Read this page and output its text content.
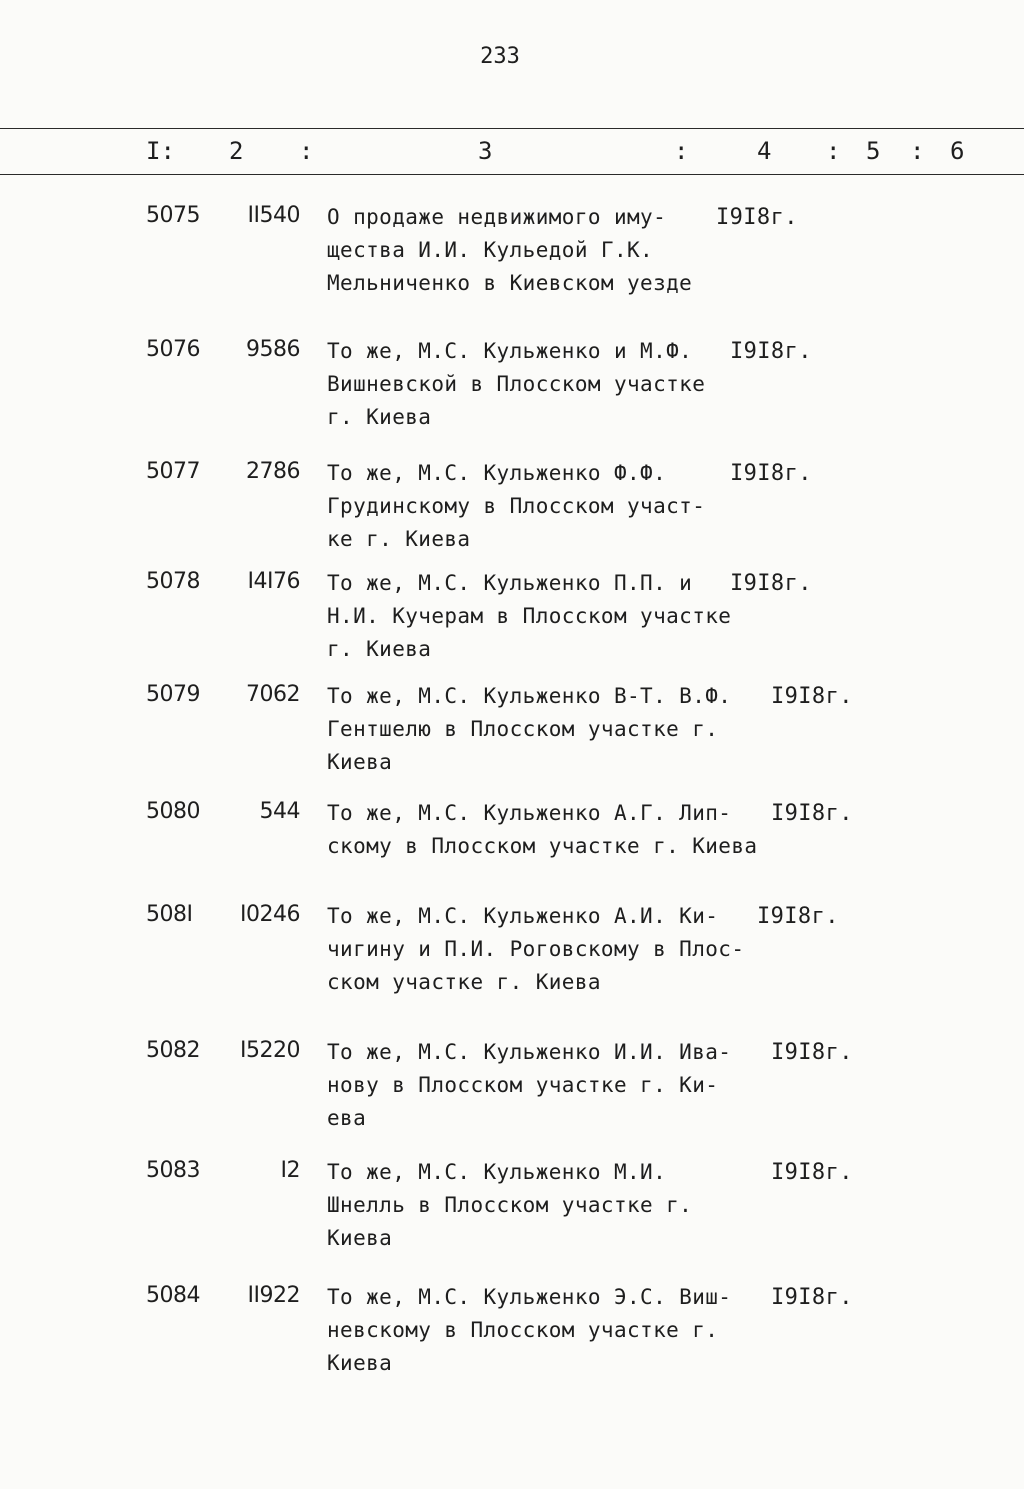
233
I: 2 :	3	:	4 : 5 : 6
5075 II540 О продаже недвижимого иму-
щества И.И. Кульедой Г.К.
Мельниченко в Киевском уезде
I9I8г.
5076 9586 То же, М.С. Кульженко и М.Ф.
Вишневской в Плосском участке
г. Киева
I9I8г.
5077 2786 То же, М.С. Кульженко Ф.Ф.
Грудинскому в Плосском участ-
ке г. Киева
I9I8г.
5078 I4I76 То же, М.С. Кульженко П.П. и
Н.И. Кучерам в Плосском участке
г. Киева
I9I8г.
5079 7062 То же, М.С. Кульженко В-Т. В.Ф.
Гентшелю в Плосском участке г.
Киева
I9I8г.
5080	544 То же, М.С. Кульженко А.Г. Лип-
скому в Плосском участке г. Киева
I9I8г.
508I I0246 То же, М.С. Кульженко А.И. Ки-
чигину и П.И. Роговскому в Плос-
ском участке г. Киева
I9I8г.
5082 I5220 То же, М.С. Кульженко И.И. Ива-
нову в Плосском участке г. Ки-
ева
I9I8г.
5083	I2 То же, М.С. Кульженко М.И.
Шнелль в Плосском участке г.
Киева
I9I8г.
5084 II922 То же, М.С. Кульженко Э.С. Виш-
невскому в Плосском участке г.
Киева
I9I8г.
